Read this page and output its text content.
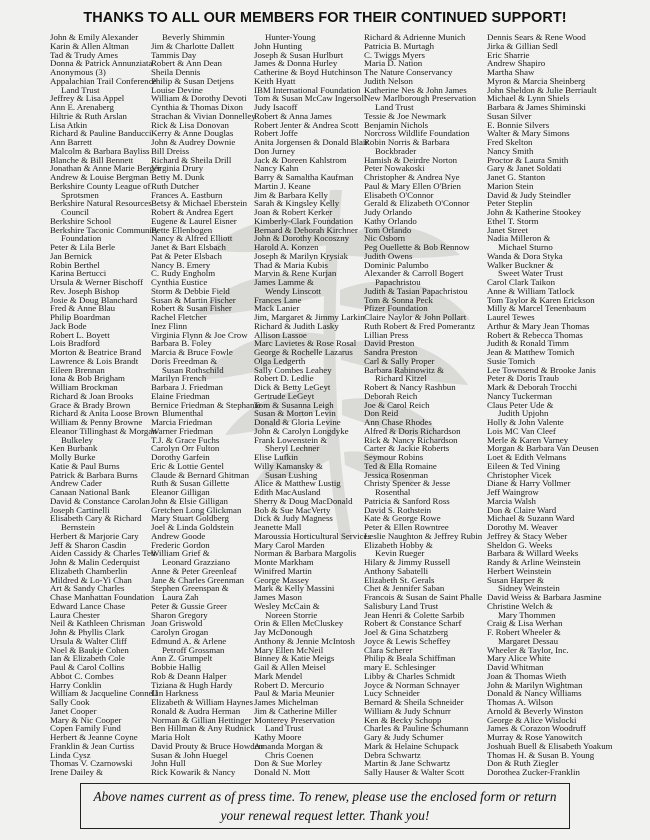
THANKS TO ALL OUR MEMBERS FOR THEIR CONTINUED SUPPORT!
John & Emily Alexander
Karin & Allen Altman
Tad & Trudy Ames
Donna & Patrick Annunziata
Anonymous (3)
Appalachian Trail Conference
Land Trust
Jeffrey & Lisa Appel
Ann E. Arenaberg
Hiltrie & Ruth Arslan
Lisa Atkin
Richard & Pauline Banducci
Ann Barrett
Malcolm & Barbara Bayliss
Blanche & Bill Bennett
Jonathan & Anne Marie Berger
Andrew & Louise Bergman
Berkshire County League of
Sprotsmen
Berkshire Natural Resources
Council
Berkshire School
Berkshire Taconic Community
Foundation
Peter & Lila Berle
Jan Bernick
Robin Berthel
Karina Bertucci
Ursula & Werner Bischoff
Rev. Joseph Bishop
Josie & Doug Blanchard
Fred & Anne Blau
Philip Boardman
Jack Bode
Robert L. Boyett
Lois Bradford
Morton & Beatrice Brand
Lawrence & Lois Brandt
Eileen Brennan
Iona & Bob Brigham
William Brockman
Richard & Joan Brooks
Grace & Brady Brown
Richard & Anita Loose Brown
William & Penny Browne
Eleanor Tillinghast & Morgan
Bulkeley
Ken Burbank
Molly Burke
Katie & Paul Burns
Patrick & Barbara Burns
Andrew Cader
Canaan National Bank
David & Constance Carolan
Joseph Cartinelli
Elisabeth Cary & Richard
Bernstein
Herbert & Marjorie Cary
Jeff & Sharon Casdin
Aiden Cassidy & Charles Teti
John & Malin Cederquist
Elizabeth Chamberlin
Mildred & Lo-Yi Chan
Art & Sandy Charles
Chase Manhattan Foundation
Edward Lance Chase
Laura Chester
Neil & Kathleen Chrisman
John & Phyllis Clark
Ursula & Walter Cliff
Noel & Baukje Cohen
Ian & Elizabeth Cole
Paul & Carol Collins
Abbot C. Combes
Harry Conklin
William & Jacqueline Connell
Sally Cook
Janet Cooper
Mary & Nic Cooper
Copen Family Fund
Herbert & Jeanne Coyne
Franklin & Jean Curtiss
Linda Cysz
Thomas V. Czarnowski
Irene Dailey &
Beverly Shimmin
Jim & Charlotte Dallett
Tammis Day
Robert & Ann Dean
Sheila Dennis
Philip & Susan Detjens
Louise Devine
William & Dorothy Devoti
Cynthia & Thomas Dixon
Strachan & Vivian Donnelley
Rick & Lisa Donovan
Kerry & Anne Douglas
John & Audrey Downie
Bill Dreiss
Richard & Sheila Drill
Virginia Drury
Betty M. Dunk
Ruth Dutcher
Frances A. Eastburn
Betsy & Michael Eberstein
Robert & Andrea Egert
Eugene & Laurel Eisner
Bette Ellenbogen
Nancy & Alfred Elliott
Janet & Bart Elsbach
Pat & Peter Elsbach
Nancy B. Emery
C. Rudy Engholm
Cynthia Eustice
Storm & Debbie Field
Susan & Martin Fischer
Robert & Susan Fisher
Rachel Fletcher
Inez Flinn
Virginia Flynn & Joe Crow
Barbara B. Foley
Marcia & Bruce Fowle
Doris Freedman &
Susan Rothschild
Marilyn French
Barbara J. Friedman
Elaine Friedman
Bernice Friedman & Stephanie
Blumenthal
Marcia Friedman
Warner Friedman
T.J. & Grace Fuchs
Carolyn Orr Fulton
Dorothy Garfein
Eric & Lottie Gentel
Claude & Bernard Ghitman
Ruth & Susan Gillette
Eleanor Gilligan
John & Elsie Gilligan
Gretchen Long Glickman
Mary Stuart Goldberg
Joel & Linda Goldstein
Andrew Goode
Frederic Gordon
William Grief &
Leonard Grazziano
Anne & Peter Greenleaf
Jane & Charles Greenman
Stephen Greenspan &
Laura Zah
Peter & Gussie Greer
Sharon Gregory
Joan Griswold
Carolyn Grogan
Edmund A. & Arlene
Petroff Grossman
Ann Z. Grumpelt
Bobbie Hallig
Rob & Deann Halper
Tiziana & Hugh Hardy
Lin Harkness
Elizabeth & William Haynes
Ronald & Audra Herman
Norman & Gillian Hettinger
Ben Hillman & Any Rudnick
Maria Holt
David Prouty & Bruce Howden
Susan & John Huegel
John Hull
Rick Kowarik & Nancy
Hunter-Young
John Hunting
Joseph & Susan Hurlburt
James & Donna Hurley
Catherine & Boyd Hutchinson
Keith Hyatt
IBM International Foundation
Tom & Susan McCaw Ingersoll
Judy Isacoff
Robert & Anna James
Robert Jenter & Andrea Scott
Robert Joffe
Anita Jorgensen & Donald Blair
Don Jurney
Jack & Doreen Kahlstrom
Nancy Kahn
Barry & Samaltha Kaufman
Martin J. Keane
Jim & Barbara Kelly
Sarah & Kingsley Kelly
Joan & Robert Kerker
Kimberly-Clark Foundation
Bernard & Deborah Kirchner
John & Dorothy Kocoszny
Harold A. Konzen
Joseph & Marilyn Krysiak
Thad & Maria Kubis
Marvin & Rene Kurjan
James Lamme &
Wendy Linscott
Frances Lane
Mack Lanier
Jim, Margaret & Jimmy Larkin
Richard & Judith Lasky
Allison Lassoe
Marc Lavietes & Rose Rosal
George & Rochelle Lazarus
Olga Ledgerth
Sally Combes Leahey
Robert D. Ledlie
Dick & Betty LeGeyt
Gertrude LeGeyt
Tom & Susanna Leigh
Susan & Morton Levin
Donald & Gloria Levine
John & Carolyn Longdyke
Frank Lowenstein &
Sheryl Lechner
Elise Lufkin
Willy Kamansky &
Susan Lushing
Alice & Matthew Lustig
Edith MacAusland
Sherry & Doug MacDonald
Bob & Sue MacVerty
Dick & Judy Magness
Jeanette Mall
Maroussia Horticultural Services
Mary Carol Marden
Norman & Barbara Margolis
Monte Markham
Winifred Martin
George Massey
Mark & Kelly Massini
James Mason
Wesley McCain &
Noreen Storrie
Orin & Ellen McCluskey
Jay McDonough
Anthony & Jennie McIntosh
Mary Ellen McNeil
Binney & Katie Meigs
Gail & Allen Meisel
Mark Mendel
Robert D. Mercurio
Paul & Maria Meunier
James Michelman
Jim & Catherine Miller
Monterey Preservation
Land Trust
Kathy Moore
Amanda Morgan &
Chris Coenen
Don & Sue Morley
Donald N. Mott
Richard & Adrienne Munich
Patricia B. Murtagh
C. Twiggs Myers
Maria D. Nation
The Nature Conservancy
Judith Nelson
Katherine Nes & John James
New Marlborough Preservation
Land Trust
Tessie & Joe Newmark
Benjamin Nichols
Norcross Wildlife Foundation
Robin Norris & Barbara
Bockbrader
Hamish & Deirdre Norton
Peter Nowakoski
Christopher & Andrea Nye
Paul & Mary Ellen O'Brien
Elisabeth O'Connor
Gerald & Elizabeth O'Connor
Judy Orlando
Kathy Orlando
Tom Orlando
Nic Osborn
Peg Ouellette & Bob Rennow
Judith Owens
Dominic Palumbo
Alexander & Carroll Bogert
Papachristou
Judith & Tasian Papachristou
Tom & Sonna Peck
Pfizer Foundation
Claire Naylor & John Pollart
Ruth Robert & Fred Pomerantz
Lillian Press
David Preston
Sandra Preston
Carl & Sally Proper
Barbara Rabinowitz &
Richard Kitzel
Robert & Nancy Rashbun
Deborah Reich
Joe & Carol Reich
Don Reid
Ann Chase Rhodes
Alfred & Doris Richardson
Rick & Nancy Richardson
Carter & Jackie Roberts
Seymour Robins
Ted & Ella Romaine
Jessica Rosenman
Christy Spencer & Jesse
Rosenthal
Patricia & Sanford Ross
David S. Rothstein
Kate & George Rowe
Peter & Ellen Rowntree
Leslie Naughton & Jeffrey Rubin
Elizabeth Hobby &
Kevin Rueger
Hilary & Jimmy Russell
Anthony Sabatelli
Elizabeth St. Gerals
Chet & Jennifer Saban
Francois & Susan de Saint Phalle
Salisbury Land Trust
Jean Henri & Colette Sarbib
Robert & Constance Scharf
Joel & Gina Schatzberg
Joyce & Lewis Scheffey
Clara Scherer
Philip & Beala Schiffman
mary E. Schlesinger
Libby & Charles Schmidt
Joyce & Norman Schnayer
Lucy Schneider
Bernard & Sheila Schneider
William & Judy Schnurr
Ken & Becky Schopp
Charles & Pauline Schumann
Gary & Judy Schumer
Mark & Helaine Schupack
Debra Schwartz
Martin & Jane Schwartz
Sally Hauser & Walter Scott
Dennis Sears & Rene Wood
Jirka & Gillian Sedl
Eric Sharrie
Andrew Shapiro
Martha Shaw
Myron & Marcia Sheinberg
John Sheldon & Julie Berriault
Michael & Lynn Shiels
Barbara & James Shiminski
Susan Silver
E. Bonnie Silvers
Walter & Mary Simons
Fred Skelton
Nancy Smith
Proctor & Laura Smith
Gary & Janet Soldati
Janet G. Stanton
Marion Stein
David & Judy Steindler
Peter Steplin
John & Katherine Stookey
Ethel T. Storm
Janet Street
Nadia Milleron &
Michael Sturno
Wanda & Dora Styka
Walker Buckner &
Sweet Water Trust
Carol Clark Taikon
Anne & William Tatlock
Tom Taylor & Karen Erickson
Milly & Marcel Tenenbaum
Laurel Tewes
Arthur & Mary Jean Thomas
Robert & Rebecca Thomas
Judith & Ronald Timm
Jean & Matthew Tomich
Susie Tomich
Lee Townsend & Brooke Janis
Peter & Doris Traub
Mark & Deborah Trocchi
Nancy Tuckerman
Claus Peter Ude &
Judith Upjohn
Holly & John Valente
Lois MC Van Cleef
Merle & Karen Varney
Morgan & Barbara Van Deusen
Loet & Edith Velmans
Eileen & Ted Vining
Christopher Vicek
Diane & Harry Vollmer
Jeff Waingrow
Marcia Walsh
Don & Claire Ward
Michael & Suzann Ward
Dorothy M. Weaver
Jeffrey & Stacy Weber
Sheldon G. Weeks
Barbara & Willard Weeks
Randy & Arline Weinstein
Herbert Weinstein
Susan Harper &
Sidney Weinstein
David Weiss & Barbara Jasmine
Christine Welch &
Mary Thommen
Craig & Lisa Werhan
F. Robert Wheeler &
Margaret Dessau
Wheeler & Taylor, Inc.
Mary Alice White
David Whitman
Joan & Thomas Wieth
John & Marilyn Wightman
Donald & Nancy Williams
Thomas A. Wilson
Arnold & Beverly Winston
George & Alice Wislocki
James & Corazon Woodruff
Murray & Rose Yanowitch
Joshuah Buell & Elisabeth Yoakum
Thomas H. & Susan B. Young
Don & Ruth Ziegler
Dorothea Zucker-Franklin
Above names current as of press time. To renew, please use the enclosed form or return
your renewal request letter. Thank you!
